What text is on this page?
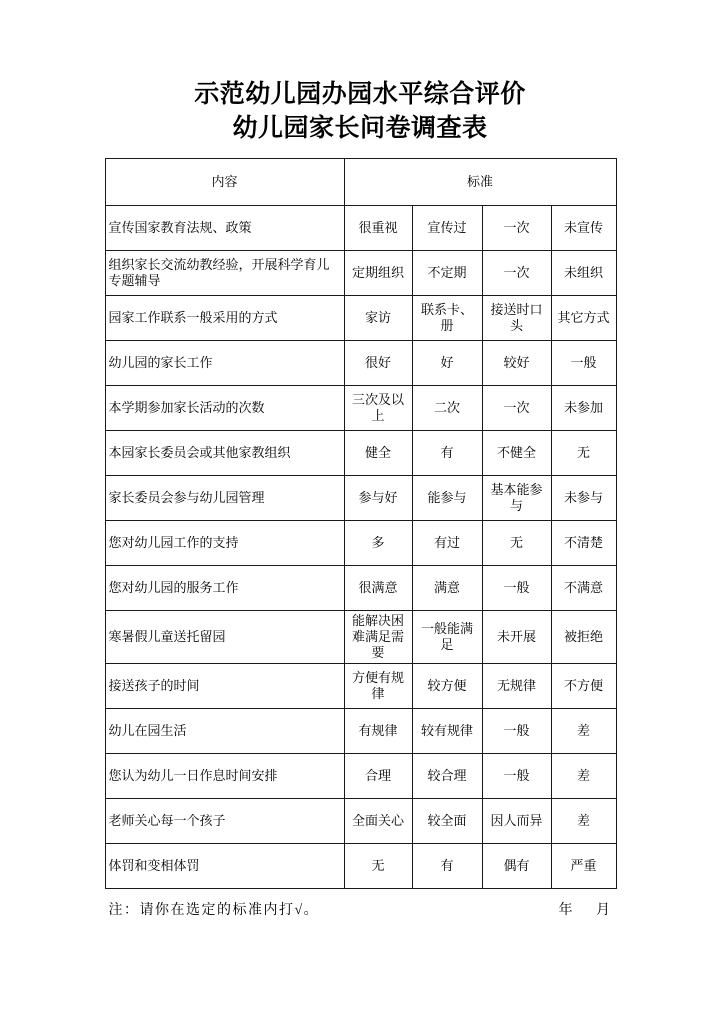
示范幼儿园办园水平综合评价
幼儿园家长问卷调查表
内容	标准			
宣传国家教育法规、政策	很重视	宣传过	一次	未宣传
组织家长交流幼教经验，开展科学育儿专题辅导	定期组织	不定期	一次	未组织
园家工作联系一般采用的方式	家访	联系卡、册	接送时口头	其它方式
幼儿园的家长工作	很好	好	较好	一般
本学期参加家长活动的次数	三次及以上	二次	一次	未参加
本园家长委员会或其他家教组织	健全	有	不健全	无
家长委员会参与幼儿园管理	参与好	能参与	基本能参与	未参与
您对幼儿园工作的支持	多	有过	无	不清楚
您对幼儿园的服务工作	很满意	满意	一般	不满意
寒暑假儿童送托留园	能解决困难满足需要	一般能满足	未开展	被拒绝
接送孩子的时间	方便有规律	较方便	无规律	不方便
幼儿在园生活	有规律	较有规律	一般	差
您认为幼儿一日作息时间安排	合理	较合理	一般	差
老师关心每一个孩子	全面关心	较全面	因人而异	差
体罚和变相体罚	无	有	偶有	严重
注：请你在选定的标准内打√。	年 月
